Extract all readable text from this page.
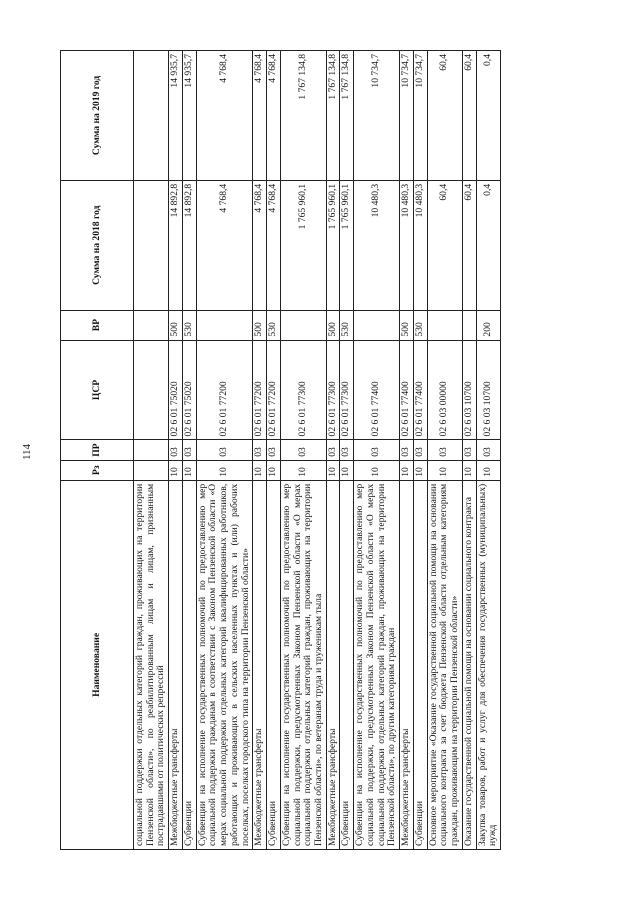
114
Наименование	Рз	ПР	ЦСР	ВР	Сумма на 2018 год	Сумма на 2019 год
социальной поддержки отдельных категорий граждан, проживающих на территории Пензенской области», по реабилитированным лицам и лицам, признанным пострадавшими от политических репрессий						
Межбюджетные трансферты	10	03	02 6 01 75020	500	14 892,8	14 935,7
Субвенции	10	03	02 6 01 75020	530	14 892,8	14 935,7
Субвенции на исполнение государственных полномочий по предоставлению мер социальной поддержки гражданам в соответствии с Законом Пензенской области «О мерах социальной поддержки отдельных категорий квалифицированных работников, работающих и проживающих в сельских населенных пунктах и (или) рабочих поселках, поселках городского типа на территории Пензенской области»	10	03	02 6 01 77200		4 768,4	4 768,4
Межбюджетные трансферты	10	03	02 6 01 77200	500	4 768,4	4 768,4
Субвенции	10	03	02 6 01 77200	530	4 768,4	4 768,4
Субвенции на исполнение государственных полномочий по предоставлению мер социальной поддержки, предусмотренных Законом Пензенской области «О мерах социальной поддержки отдельных категорий граждан, проживающих на территории Пензенской области», по ветеранам труда и труженикам тыла	10	03	02 6 01 77300		1 765 960,1	1 767 134,8
Межбюджетные трансферты	10	03	02 6 01 77300	500	1 765 960,1	1 767 134,8
Субвенции	10	03	02 6 01 77300	530	1 765 960,1	1 767 134,8
Субвенции на исполнение государственных полномочий по предоставлению мер социальной поддержки, предусмотренных Законом Пензенской области «О мерах социальной поддержки отдельных категорий граждан, проживающих на территории Пензенской области», по другим категориям граждан	10	03	02 6 01 77400		10 480,3	10 734,7
Межбюджетные трансферты	10	03	02 6 01 77400	500	10 480,3	10 734,7
Субвенции	10	03	02 6 01 77400	530	10 480,3	10 734,7
Основное мероприятие «Оказание государственной социальной помощи на основании социального контракта за счет бюджета Пензенской области отдельным категориям граждан, проживающим на территории Пензенской области»	10	03	02 6 03 00000		60,4	60,4
Оказание государственной социальной помощи на основании социального контракта	10	03	02 6 03 10700		60,4	60,4
Закупка товаров, работ и услуг для обеспечения государственных (муниципальных) нужд	10	03	02 6 03 10700	200	0,4	0,4
